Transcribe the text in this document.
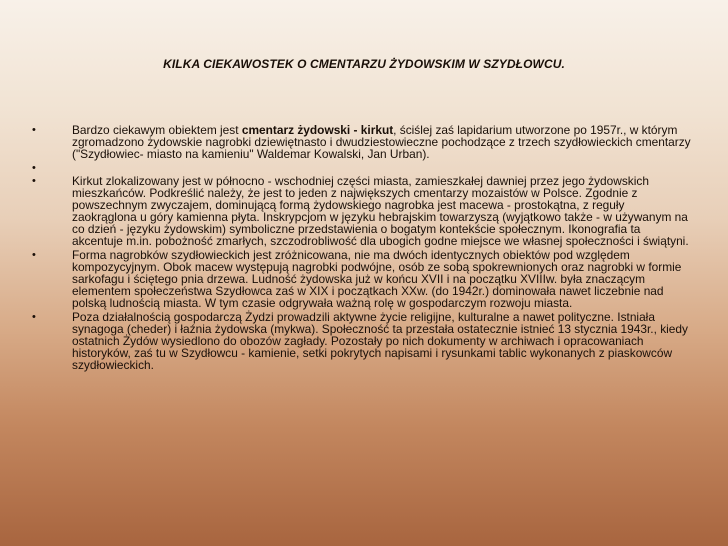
KILKA CIEKAWOSTEK O CMENTARZU ŻYDOWSKIM W SZYDŁOWCU.
•	Bardzo ciekawym obiektem jest cmentarz żydowski - kirkut, ściślej zaś lapidarium utworzone po 1957r., w którym zgromadzono żydowskie nagrobki dziewiętnasto i dwudziestowieczne pochodzące z trzech szydłowieckich cmentarzy ("Szydłowiec- miasto na kamieniu" Waldemar Kowalski, Jan Urban).
•
•	Kirkut zlokalizowany jest w północno - wschodniej części miasta, zamieszkałej dawniej przez jego żydowskich mieszkańców. Podkreślić należy, że jest to jeden z największych cmentarzy mozaistów w Polsce. Zgodnie z powszechnym zwyczajem, dominującą formą żydowskiego nagrobka jest macewa - prostokątna, z reguły zaokrąglona u góry kamienna płyta. Inskrypcjom w języku hebrajskim towarzyszą (wyjątkowo także - w używanym na co dzień - języku żydowskim) symboliczne przedstawienia o bogatym kontekście społecznym. Ikonografia ta akcentuje m.in. pobożność zmarłych, szczodrobliwość dla ubogich godne miejsce we własnej społeczności i świątyni.
•	Forma nagrobków szydłowieckich jest zróżnicowana, nie ma dwóch identycznych obiektów pod względem kompozycyjnym. Obok macew występują nagrobki podwójne, osób ze sobą spokrewnionych oraz nagrobki w formie sarkofagu i ściętego pnia drzewa. Ludność żydowska już w końcu XVII i na początku XVIIIw. była znaczącym elementem społeczeństwa Szydłowca zaś w XIX i początkach XXw. (do 1942r.) dominowała nawet liczebnie nad polską ludnością miasta. W tym czasie odgrywała ważną rolę w gospodarczym rozwoju miasta.
•	Poza działalnością gospodarczą Żydzi prowadzili aktywne życie religijne, kulturalne a nawet polityczne. Istniała synagoga (cheder) i łaźnia żydowska (mykwa). Społeczność ta przestała ostatecznie istnieć 13 stycznia 1943r., kiedy ostatnich Żydów wysiedlono do obozów zagłady. Pozostały po nich dokumenty w archiwach i opracowaniach historyków, zaś tu w Szydłowcu - kamienie, setki pokrytych napisami i rysunkami tablic wykonanych z piaskowców szydłowieckich.
